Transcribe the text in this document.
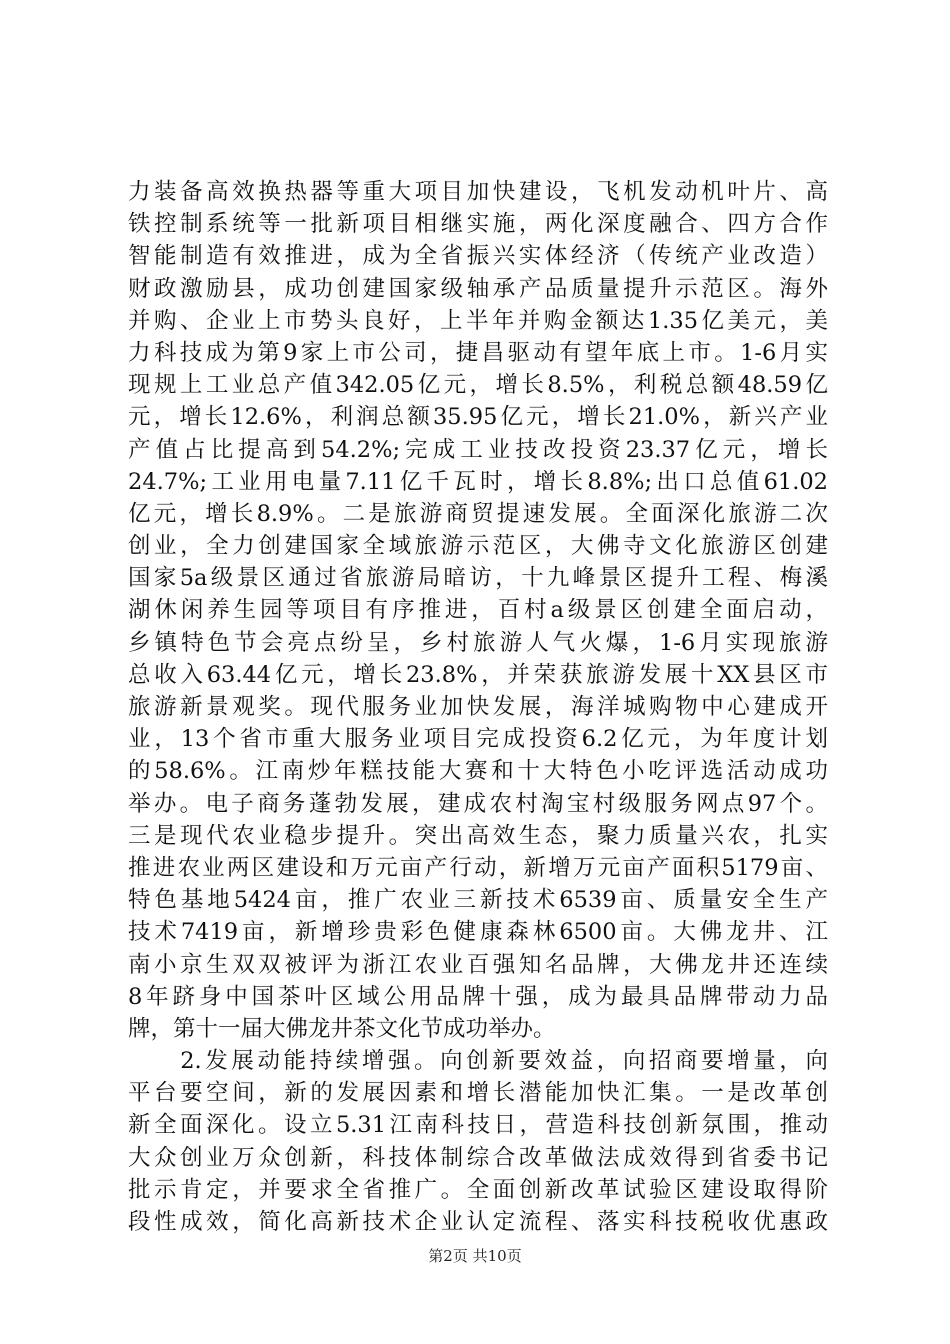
力装备高效换热器等重大项目加快建设，飞机发动机叶片、高
铁控制系统等一批新项目相继实施，两化深度融合、四方合作
智能制造有效推进，成为全省振兴实体经济（传统产业改造）
财政激励县，成功创建国家级轴承产品质量提升示范区。海外
并购、企业上市势头良好，上半年并购金额达1.35亿美元，美
力科技成为第9家上市公司，捷昌驱动有望年底上市。1-6月实
现规上工业总产值342.05亿元，增长8.5%，利税总额48.59亿
元，增长12.6%，利润总额35.95亿元，增长21.0%，新兴产业
产值占比提高到54.2%;完成工业技改投资23.37亿元，增长
24.7%;工业用电量7.11亿千瓦时，增长8.8%;出口总值61.02
亿元，增长8.9%。二是旅游商贸提速发展。全面深化旅游二次
创业，全力创建国家全域旅游示范区，大佛寺文化旅游区创建
国家5a级景区通过省旅游局暗访，十九峰景区提升工程、梅溪
湖休闲养生园等项目有序推进，百村a级景区创建全面启动，
乡镇特色节会亮点纷呈，乡村旅游人气火爆，1-6月实现旅游
总收入63.44亿元，增长23.8%，并荣获旅游发展十XX县区市
旅游新景观奖。现代服务业加快发展，海洋城购物中心建成开
业，13个省市重大服务业项目完成投资6.2亿元，为年度计划
的58.6%。江南炒年糕技能大赛和十大特色小吃评选活动成功
举办。电子商务蓬勃发展，建成农村淘宝村级服务网点97个。
三是现代农业稳步提升。突出高效生态，聚力质量兴农，扎实
推进农业两区建设和万元亩产行动，新增万元亩产面积5179亩、
特色基地5424亩，推广农业三新技术6539亩、质量安全生产
技术7419亩，新增珍贵彩色健康森林6500亩。大佛龙井、江
南小京生双双被评为浙江农业百强知名品牌，大佛龙井还连续
8年跻身中国茶叶区域公用品牌十强，成为最具品牌带动力品
牌，第十一届大佛龙井茶文化节成功举办。
　　2.发展动能持续增强。向创新要效益，向招商要增量，向
平台要空间，新的发展因素和增长潜能加快汇集。一是改革创
新全面深化。设立5.31江南科技日，营造科技创新氛围，推动
大众创业万众创新，科技体制综合改革做法成效得到省委书记
批示肯定，并要求全省推广。全面创新改革试验区建设取得阶
段性成效，简化高新技术企业认定流程、落实科技税收优惠政
第2页 共10页
